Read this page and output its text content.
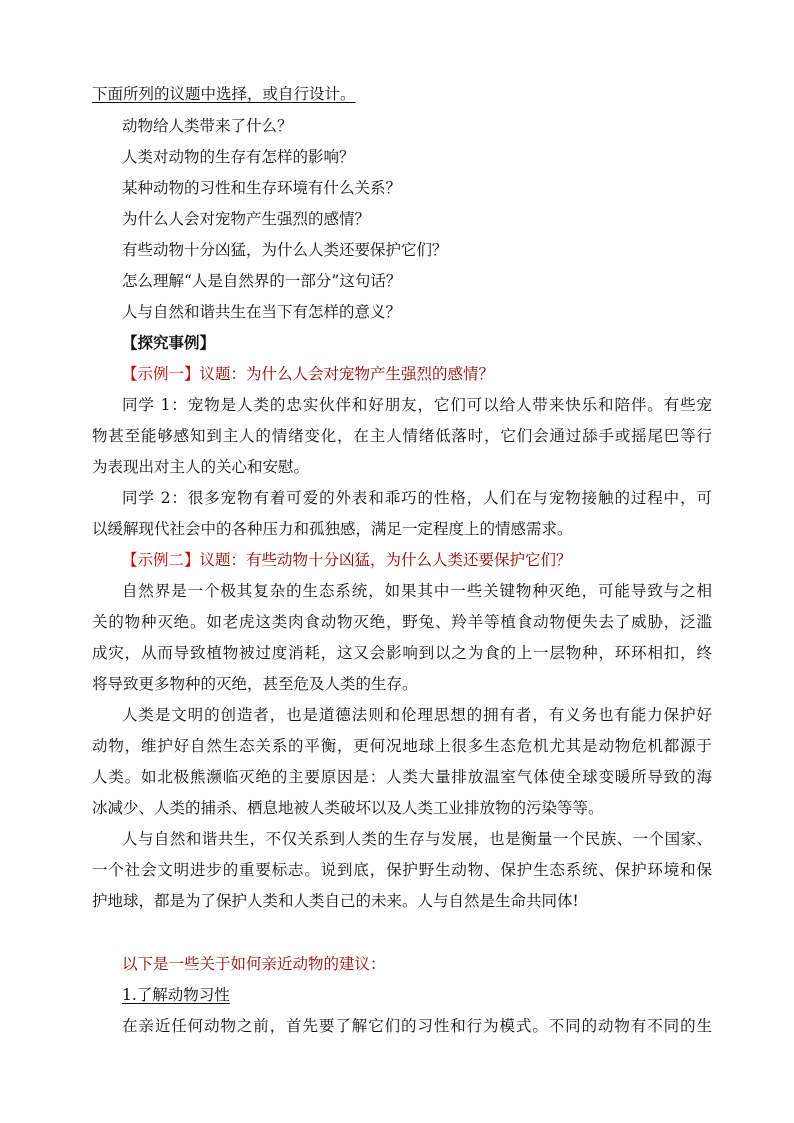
下面所列的议题中选择，或自行设计。
动物给人类带来了什么？
人类对动物的生存有怎样的影响？
某种动物的习性和生存环境有什么关系？
为什么人会对宠物产生强烈的感情？
有些动物十分凶猛，为什么人类还要保护它们？
怎么理解“人是自然界的一部分”这句话？
人与自然和谐共生在当下有怎样的意义？
【探究事例】
【示例一】议题：为什么人会对宠物产生强烈的感情？
同学 1：宠物是人类的忠实伙伴和好朋友，它们可以给人带来快乐和陪伴。有些宠
物甚至能够感知到主人的情绪变化，在主人情绪低落时，它们会通过舔手或摇尾巴等行
为表现出对主人的关心和安慰。
同学 2：很多宠物有着可爱的外表和乖巧的性格，人们在与宠物接触的过程中，可
以缓解现代社会中的各种压力和孤独感，满足一定程度上的情感需求。
【示例二】议题：有些动物十分凶猛，为什么人类还要保护它们？
自然界是一个极其复杂的生态系统，如果其中一些关键物种灭绝，可能导致与之相
关的物种灭绝。如老虎这类肉食动物灭绝，野兔、羚羊等植食动物便失去了威胁，泛滥
成灾，从而导致植物被过度消耗，这又会影响到以之为食的上一层物种，环环相扣，终
将导致更多物种的灭绝，甚至危及人类的生存。
人类是文明的创造者，也是道德法则和伦理思想的拥有者，有义务也有能力保护好
动物，维护好自然生态关系的平衡，更何况地球上很多生态危机尤其是动物危机都源于
人类。如北极熊濒临灭绝的主要原因是：人类大量排放温室气体使全球变暖所导致的海
冰减少、人类的捕杀、栖息地被人类破坏以及人类工业排放物的污染等等。
人与自然和谐共生，不仅关系到人类的生存与发展，也是衡量一个民族、一个国家、
一个社会文明进步的重要标志。说到底，保护野生动物、保护生态系统、保护环境和保
护地球，都是为了保护人类和人类自己的未来。人与自然是生命共同体!
以下是一些关于如何亲近动物的建议：
1.了解动物习性
在亲近任何动物之前，首先要了解它们的习性和行为模式。不同的动物有不同的生
